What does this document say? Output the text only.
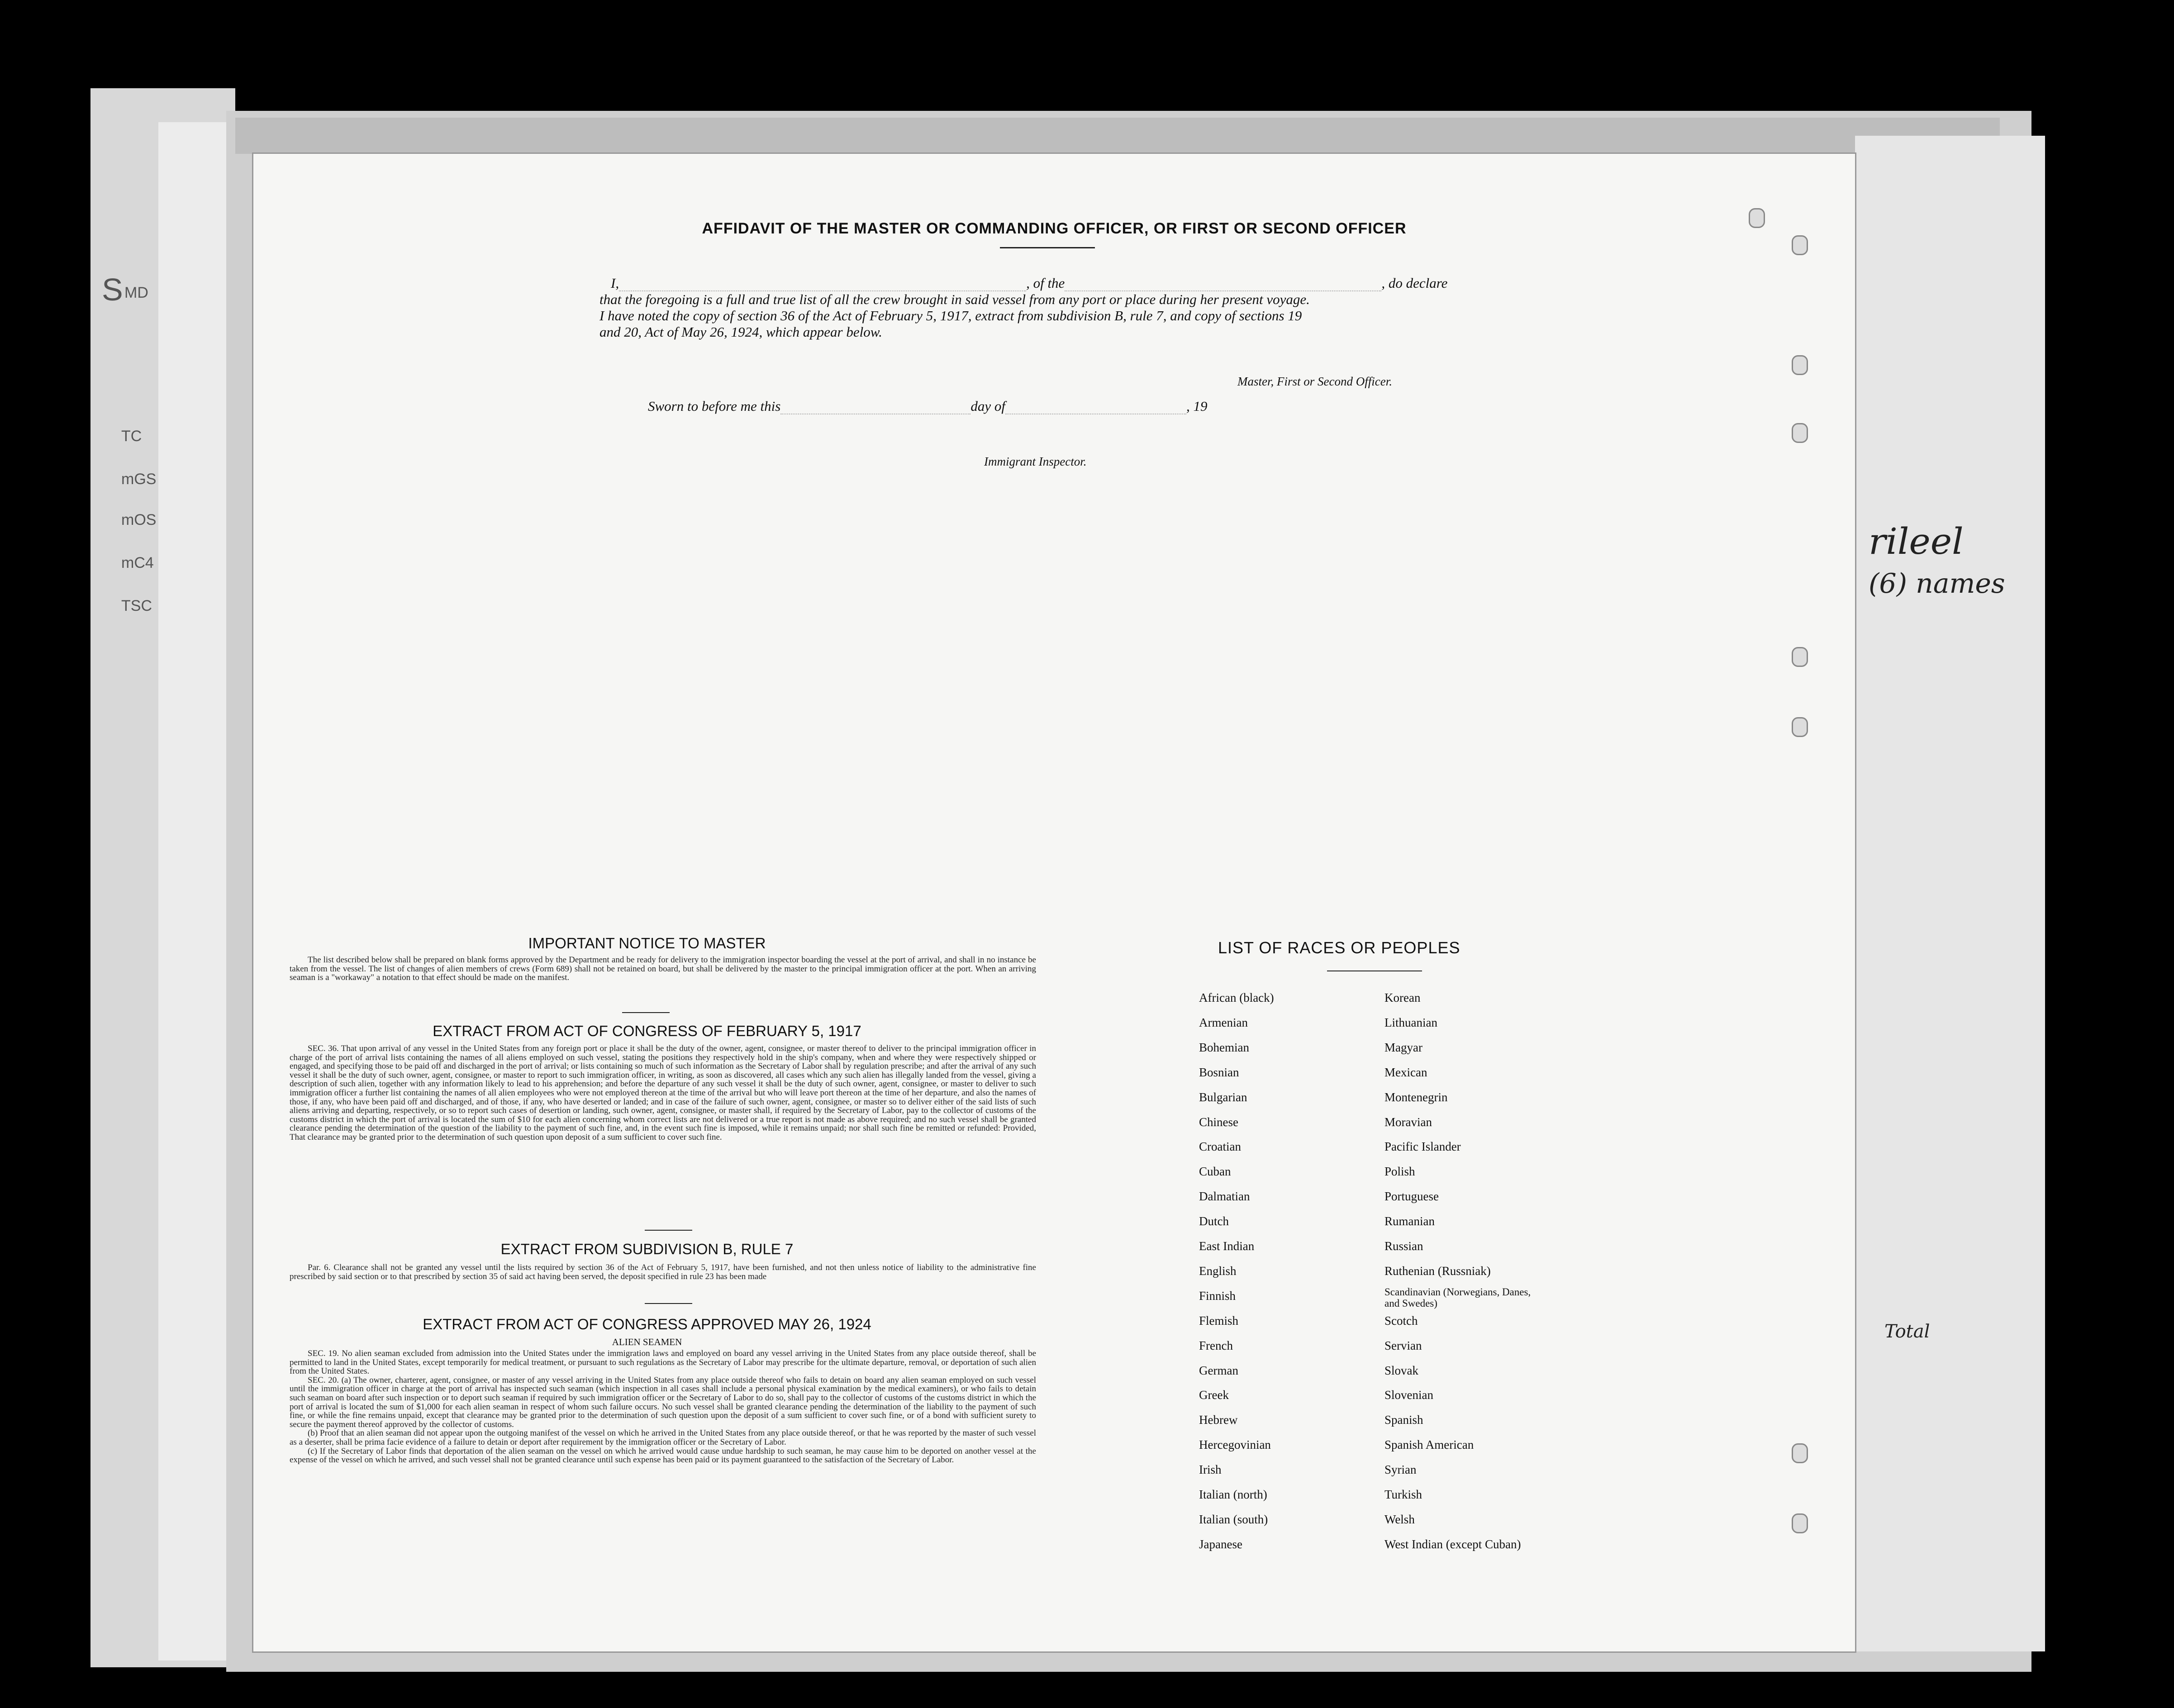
MD
S
TC
mGS
mOS
mC4
TSC
rileel
(6) names
Total
AFFIDAVIT OF THE MASTER OR COMMANDING OFFICER, OR FIRST OR SECOND OFFICER
I,	, of the	, do declare
that the foregoing is a full and true list of all the crew brought in said vessel from any port or place during her present voyage.
I have noted the copy of section 36 of the Act of February 5, 1917, extract from subdivision B, rule 7, and copy of sections 19
and 20, Act of May 26, 1924, which appear below.
Master, First or Second Officer.
Sworn to before me this	day of	, 19
Immigrant Inspector.
IMPORTANT NOTICE TO MASTER

The list described below shall be prepared on blank forms approved by the Department and be ready for delivery to the immigration inspector boarding the vessel at the port of arrival, and shall in no instance be taken from the vessel. The list of changes of alien members of crews (Form 689) shall not be retained on board, but shall be delivered by the master to the principal immigration officer at the port. When an arriving seaman is a "workaway" a notation to that effect should be made on the manifest.

EXTRACT FROM ACT OF CONGRESS OF FEBRUARY 5, 1917

SEC. 36. That upon arrival of any vessel in the United States from any foreign port or place it shall be the duty of the owner, agent, consignee, or master thereof to deliver to the principal immigration officer in charge of the port of arrival lists containing the names of all aliens employed on such vessel, stating the positions they respectively hold in the ship's company, when and where they were respectively shipped or engaged, and specifying those to be paid off and discharged in the port of arrival; or lists containing so much of such information as the Secretary of Labor shall by regulation prescribe; and after the arrival of any such vessel it shall be the duty of such owner, agent, consignee, or master to report to such immigration officer, in writing, as soon as discovered, all cases which any such alien has illegally landed from the vessel, giving a description of such alien, together with any information likely to lead to his apprehension; and before the departure of any such vessel it shall be the duty of such owner, agent, consignee, or master to deliver to such immigration officer a further list containing the names of all alien employees who were not employed thereon at the time of the arrival but who will leave port thereon at the time of her departure, and also the names of those, if any, who have been paid off and discharged, and of those, if any, who have deserted or landed; and in case of the failure of such owner, agent, consignee, or master so to deliver either of the said lists of such aliens arriving and departing, respectively, or so to report such cases of desertion or landing, such owner, agent, consignee, or master shall, if required by the Secretary of Labor, pay to the collector of customs of the customs district in which the port of arrival is located the sum of $10 for each alien concerning whom correct lists are not delivered or a true report is not made as above required; and no such vessel shall be granted clearance pending the determination of the question of the liability to the payment of such fine, and, in the event such fine is imposed, while it remains unpaid; nor shall such fine be remitted or refunded: Provided, That clearance may be granted prior to the determination of such question upon deposit of a sum sufficient to cover such fine.

EXTRACT FROM SUBDIVISION B, RULE 7

Par. 6. Clearance shall not be granted any vessel until the lists required by section 36 of the Act of February 5, 1917, have been furnished, and not then unless notice of liability to the administrative fine prescribed by said section or to that prescribed by section 35 of said act having been served, the deposit specified in rule 23 has been made

EXTRACT FROM ACT OF CONGRESS APPROVED MAY 26, 1924
ALIEN SEAMEN

SEC. 19. No alien seaman excluded from admission into the United States under the immigration laws and employed on board any vessel arriving in the United States from any place outside thereof, shall be permitted to land in the United States, except temporarily for medical treatment, or pursuant to such regulations as the Secretary of Labor may prescribe for the ultimate departure, removal, or deportation of such alien from the United States.

SEC. 20. (a) The owner, charterer, agent, consignee, or master of any vessel arriving in the United States from any place outside thereof who fails to detain on board any alien seaman employed on such vessel until the immigration officer in charge at the port of arrival has inspected such seaman (which inspection in all cases shall include a personal physical examination by the medical examiners), or who fails to detain such seaman on board after such inspection or to deport such seaman if required by such immigration officer or the Secretary of Labor to do so, shall pay to the collector of customs of the customs district in which the port of arrival is located the sum of $1,000 for each alien seaman in respect of whom such failure occurs. No such vessel shall be granted clearance pending the determination of the liability to the payment of such fine, or while the fine remains unpaid, except that clearance may be granted prior to the determination of such question upon the deposit of a sum sufficient to cover such fine, or of a bond with sufficient surety to secure the payment thereof approved by the collector of customs.

(b) Proof that an alien seaman did not appear upon the outgoing manifest of the vessel on which he arrived in the United States from any place outside thereof, or that he was reported by the master of such vessel as a deserter, shall be prima facie evidence of a failure to detain or deport after requirement by the immigration officer or the Secretary of Labor.

(c) If the Secretary of Labor finds that deportation of the alien seaman on the vessel on which he arrived would cause undue hardship to such seaman, he may cause him to be deported on another vessel at the expense of the vessel on which he arrived, and such vessel shall not be granted clearance until such expense has been paid or its payment guaranteed to the satisfaction of the Secretary of Labor.

LIST OF RACES OR PEOPLES
African (black)
Armenian
Bohemian
Bosnian
Bulgarian
Chinese
Croatian
Cuban
Dalmatian
Dutch
East Indian
English
Finnish
Flemish
French
German
Greek
Hebrew
Hercegovinian
Irish
Italian (north)
Italian (south)
Japanese
Korean
Lithuanian
Magyar
Mexican
Montenegrin
Moravian
Pacific Islander
Polish
Portuguese
Rumanian
Russian
Ruthenian (Russniak)
Scandinavian (Norwegians, Danes, and Swedes)
Scotch
Servian
Slovak
Slovenian
Spanish
Spanish American
Syrian
Turkish
Welsh
West Indian (except Cuban)
